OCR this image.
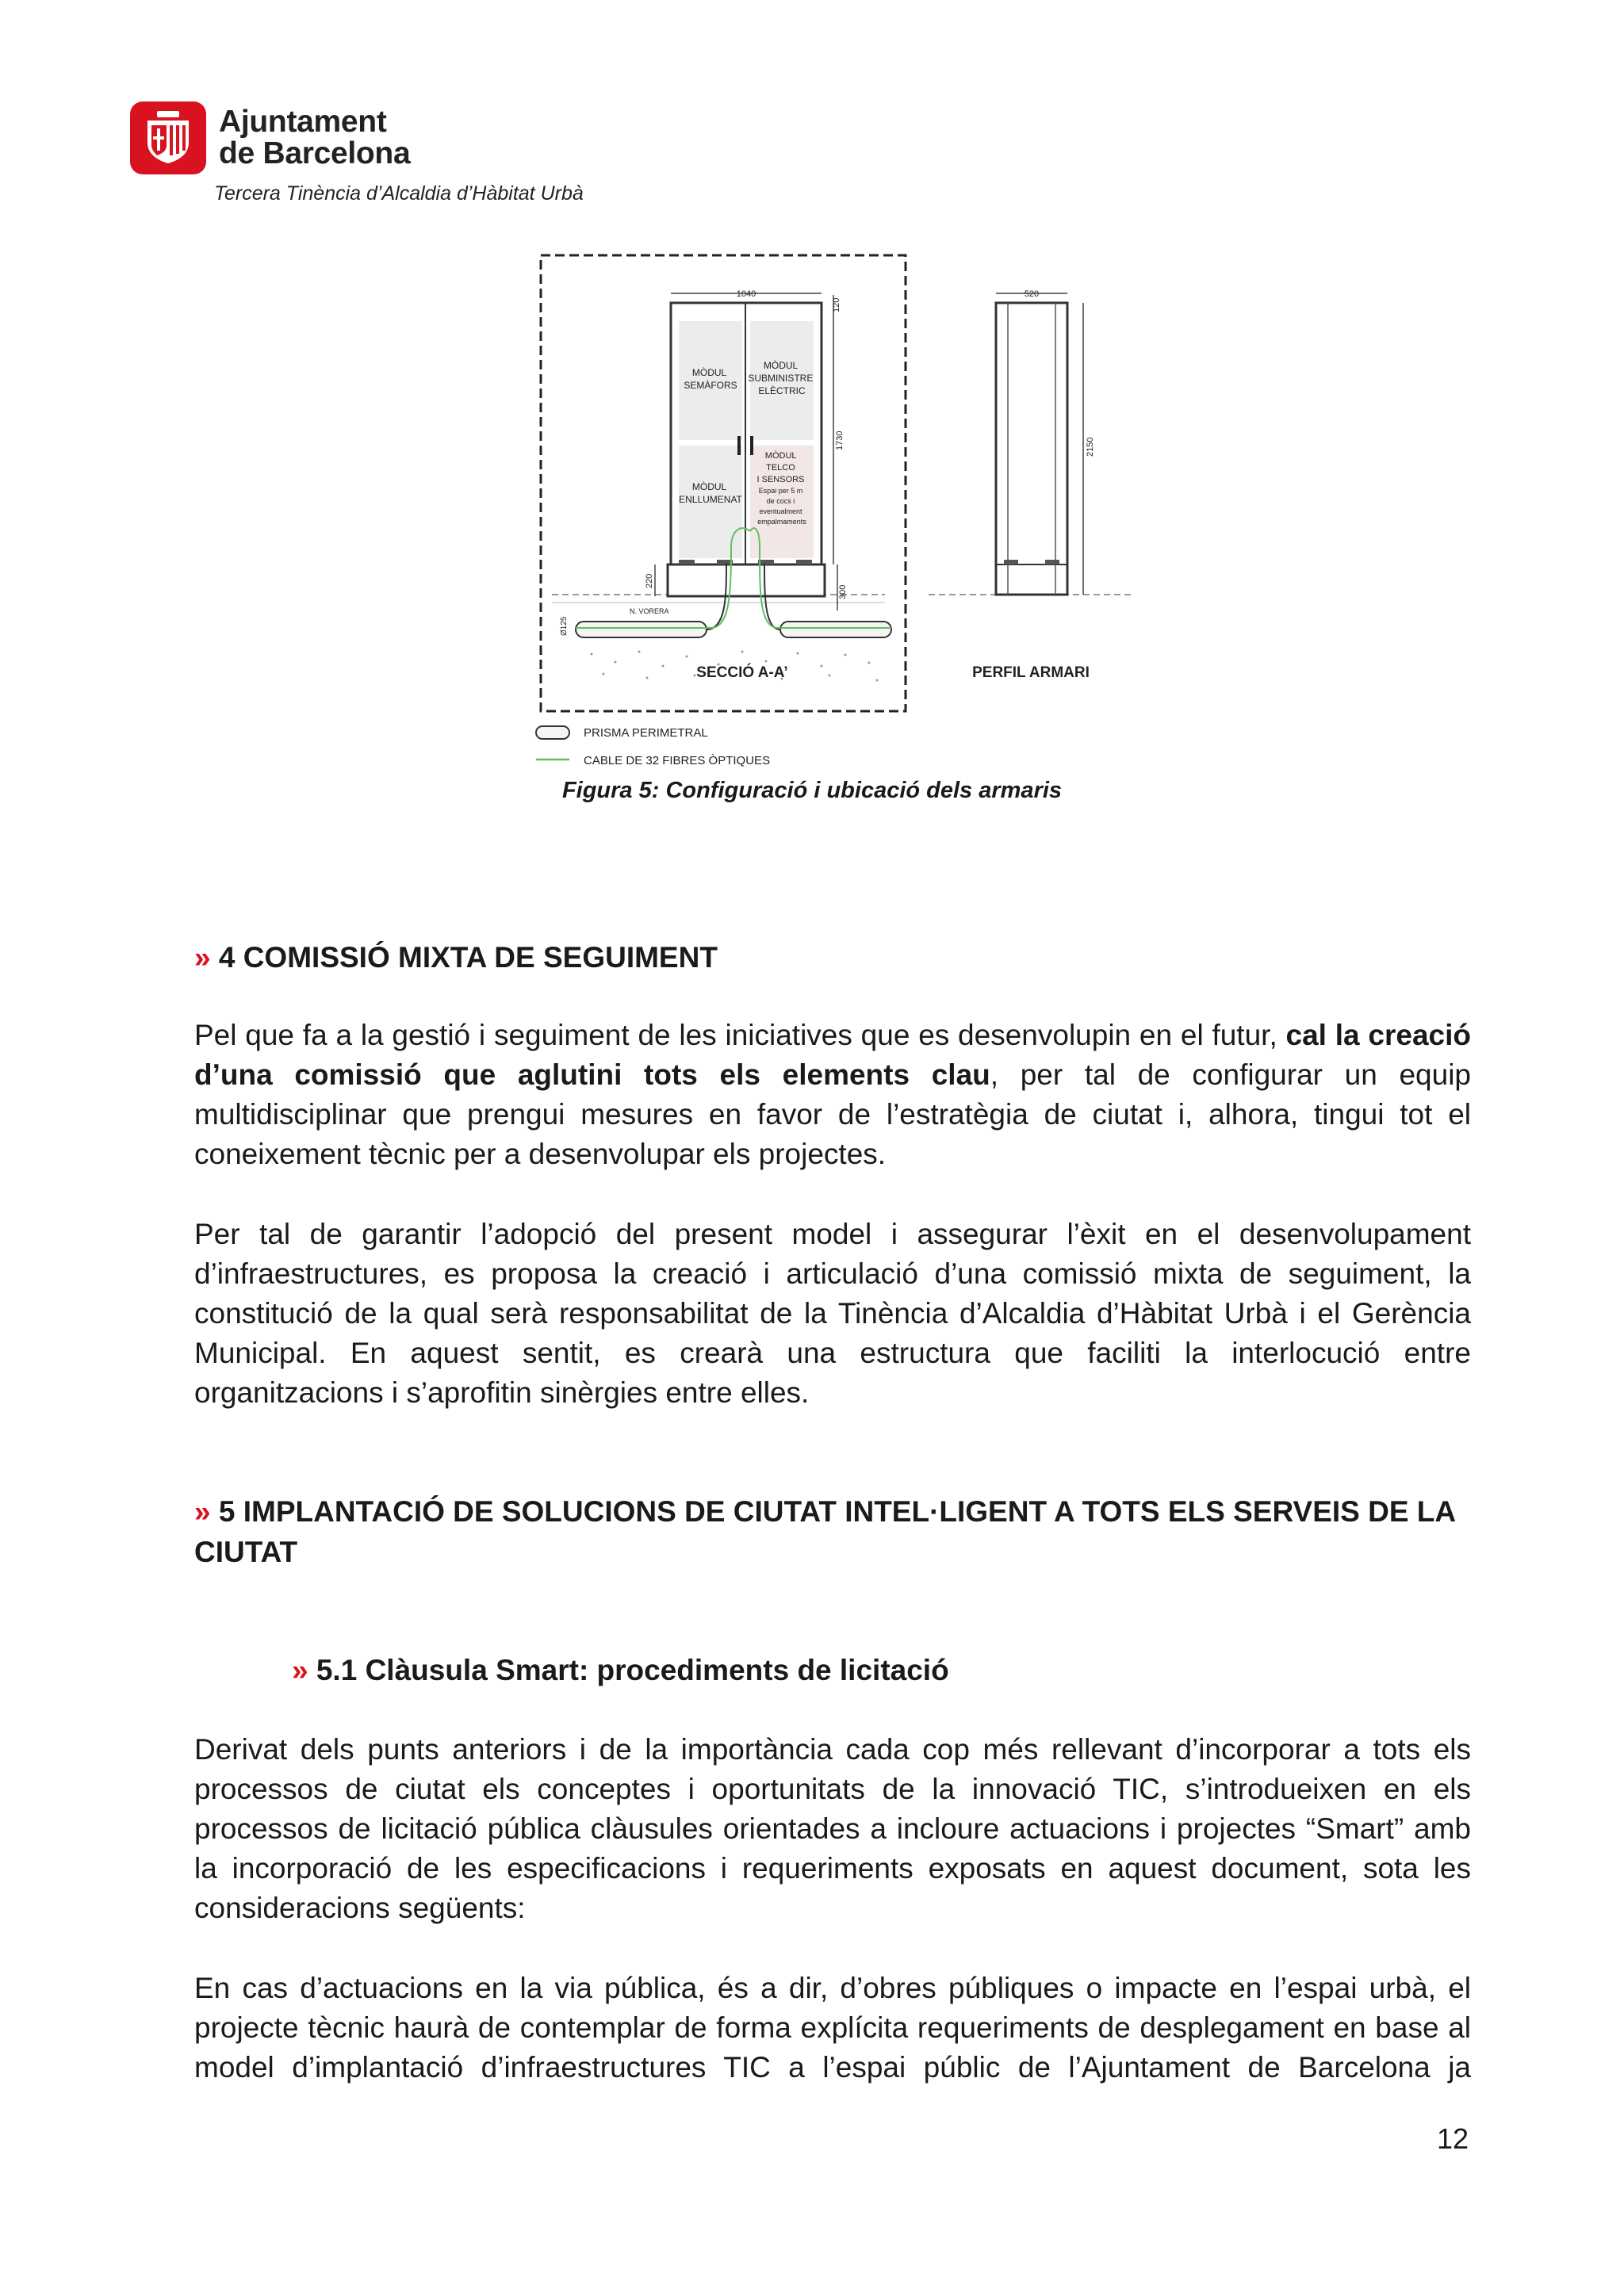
Ajuntament
de Barcelona
Tercera Tinència d’Alcaldia d’Hàbitat Urbà
1040
120
1730
220
300
MÒDUL SEMÀFORS
MÒDUL SUBMINISTRE ELÈCTRIC
MÒDUL ENLLUMENAT
MÒDUL TELCO I SENSORS Espai per 5 m de cocs i eventualment empalmaments
Ø125
N. VORERA
SECCIÓ A-A’
520
2150
PERFIL ARMARI
PRISMA PERIMETRAL
CABLE DE 32 FIBRES ÒPTIQUES
Figura 5: Configuració i ubicació dels armaris
» 4 COMISSIÓ MIXTA DE SEGUIMENT

Pel que fa a la gestió i seguiment de les iniciatives que es desenvolupin en el futur, cal la creació d’una comissió que aglutini tots els elements clau, per tal de configurar un equip multidisciplinar que prengui mesures en favor de l’estratègia de ciutat i, alhora, tingui tot el coneixement tècnic per a desenvolupar els projectes.

Per tal de garantir l’adopció del present model i assegurar l’èxit en el desenvolupament d’infraestructures, es proposa la creació i articulació d’una comissió mixta de seguiment, la constitució de la qual serà responsabilitat de la Tinència d’Alcaldia d’Hàbitat Urbà i el Gerència Municipal. En aquest sentit, es crearà una estructura que faciliti la interlocució entre organitzacions i s’aprofitin sinèrgies entre elles.

» 5 IMPLANTACIÓ DE SOLUCIONS DE CIUTAT INTEL·LIGENT A TOTS ELS SERVEIS DE LA CIUTAT
» 5.1 Clàusula Smart: procediments de licitació

Derivat dels punts anteriors i de la importància cada cop més rellevant d’incorporar a tots els processos de ciutat els conceptes i oportunitats de la innovació TIC, s’introdueixen en els processos de licitació pública clàusules orientades a incloure actuacions i projectes “Smart” amb la incorporació de les especificacions i requeriments exposats en aquest document, sota les consideracions següents:

En cas d’actuacions en la via pública, és a dir, d’obres públiques o impacte en l’espai urbà, el projecte tècnic haurà de contemplar de forma explícita requeriments de desplegament en base al model d’implantació d’infraestructures TIC a l’espai públic de l’Ajuntament de Barcelona ja

12
